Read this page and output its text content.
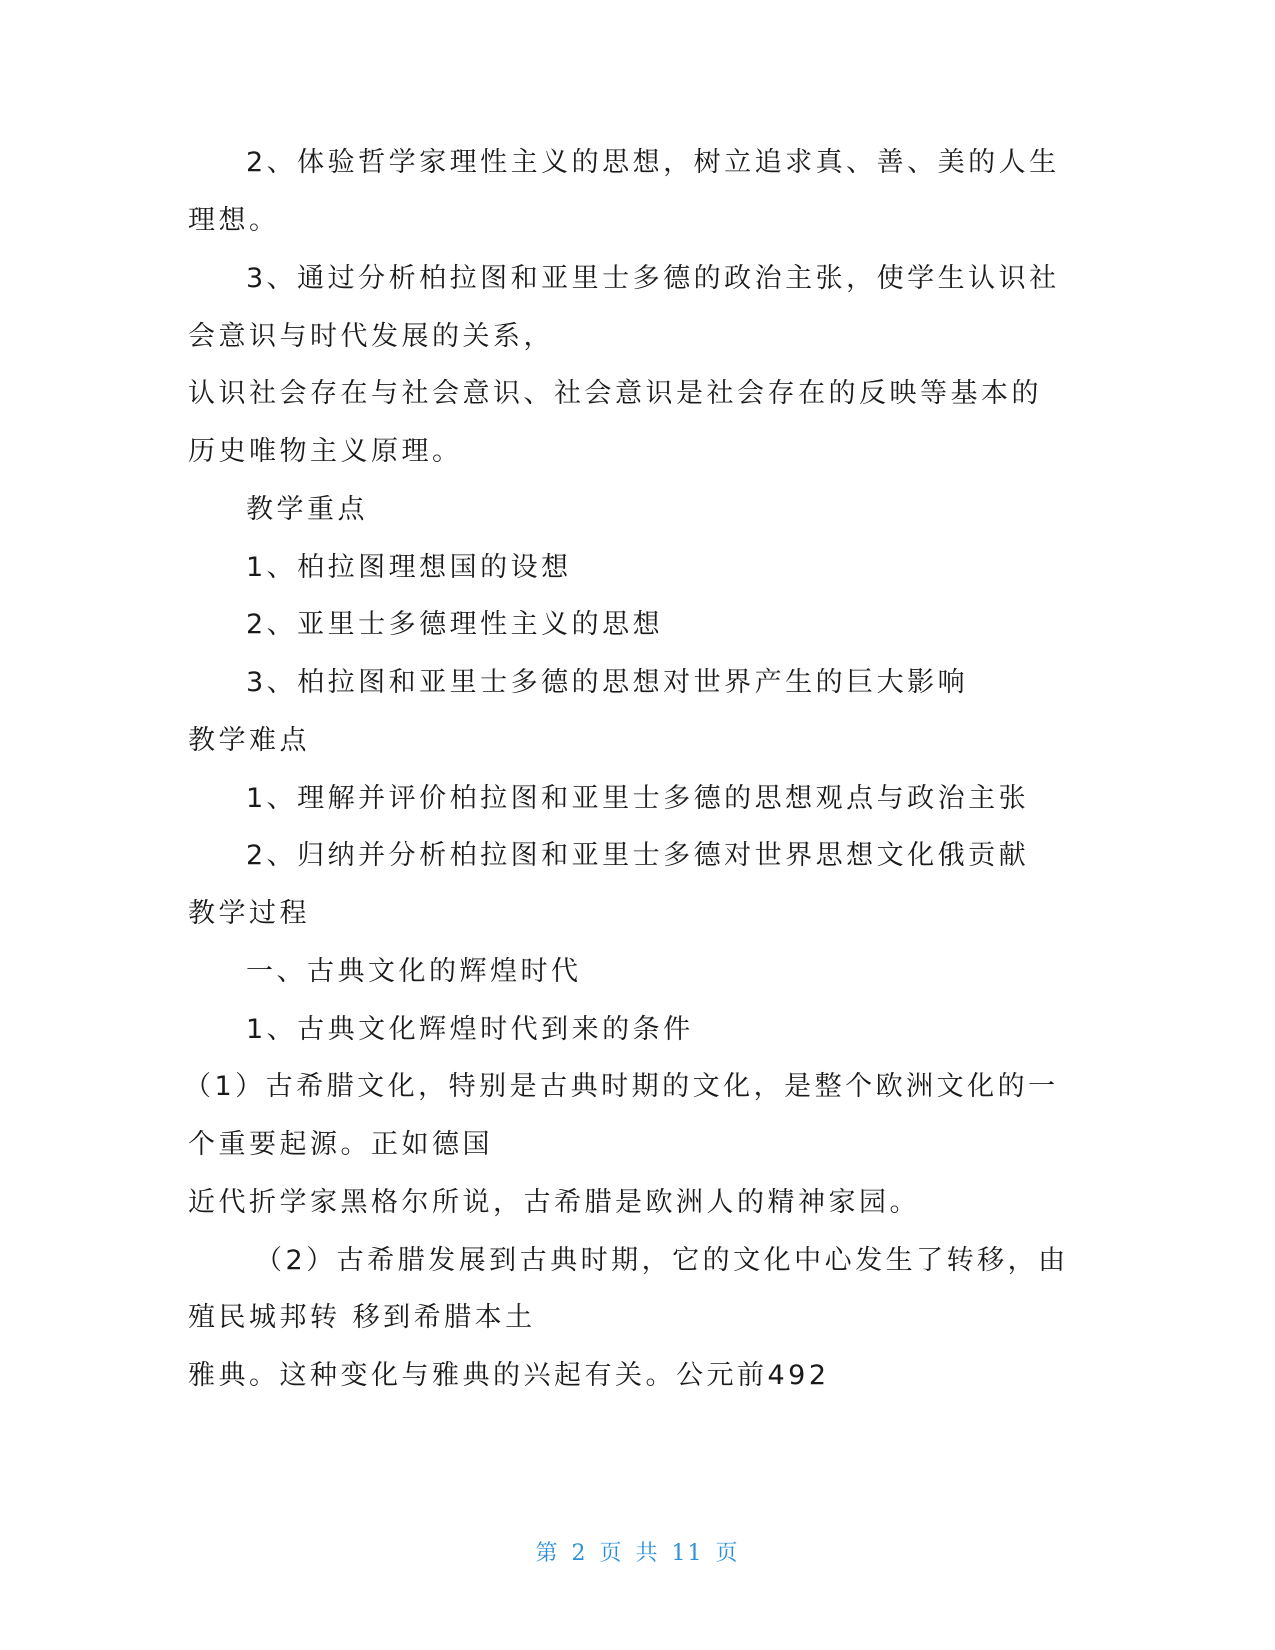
2、体验哲学家理性主义的思想，树立追求真、善、美的人生
理想。
3、通过分析柏拉图和亚里士多德的政治主张，使学生认识社
会意识与时代发展的关系，
认识社会存在与社会意识、社会意识是社会存在的反映等基本的
历史唯物主义原理。
教学重点
1、柏拉图理想国的设想
2、亚里士多德理性主义的思想
3、柏拉图和亚里士多德的思想对世界产生的巨大影响
教学难点
1、理解并评价柏拉图和亚里士多德的思想观点与政治主张
2、归纳并分析柏拉图和亚里士多德对世界思想文化俄贡献
教学过程
一、古典文化的辉煌时代
1、古典文化辉煌时代到来的条件
（1）古希腊文化，特别是古典时期的文化，是整个欧洲文化的一
个重要起源。正如德国
近代折学家黑格尔所说，古希腊是欧洲人的精神家园。
（2）古希腊发展到古典时期，它的文化中心发生了转移，由
殖民城邦转 移到希腊本土
雅典。这种变化与雅典的兴起有关。公元前492
第 2 页 共 11 页
